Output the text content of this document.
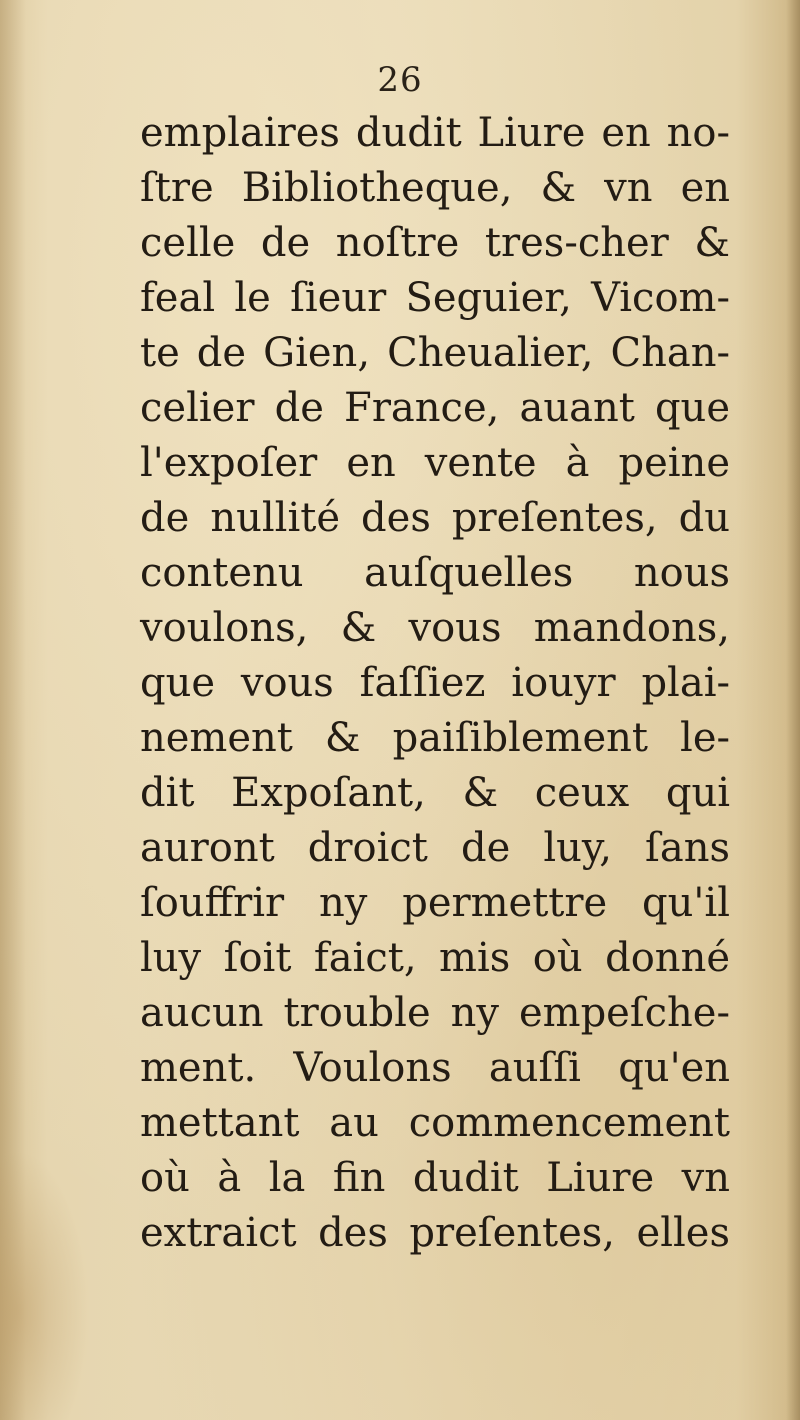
26
emplaires dudit Liure en no-
ſtre Bibliotheque, & vn en
celle de noſtre tres-cher &
feal le ſieur Seguier, Vicom-
te de Gien, Cheualier, Chan-
celier de France, auant que
l'expoſer en vente à peine
de nullité des preſentes, du
contenu auſquelles nous
voulons, & vous mandons,
que vous faſſiez iouyr plai-
nement & paiſiblement le-
dit Expoſant, & ceux qui
auront droict de luy, ſans
ſouffrir ny permettre qu'il
luy ſoit faict, mis où donné
aucun trouble ny empeſche-
ment. Voulons auſſi qu'en
mettant au commencement
où à la fin dudit Liure vn
extraict des preſentes, elles
